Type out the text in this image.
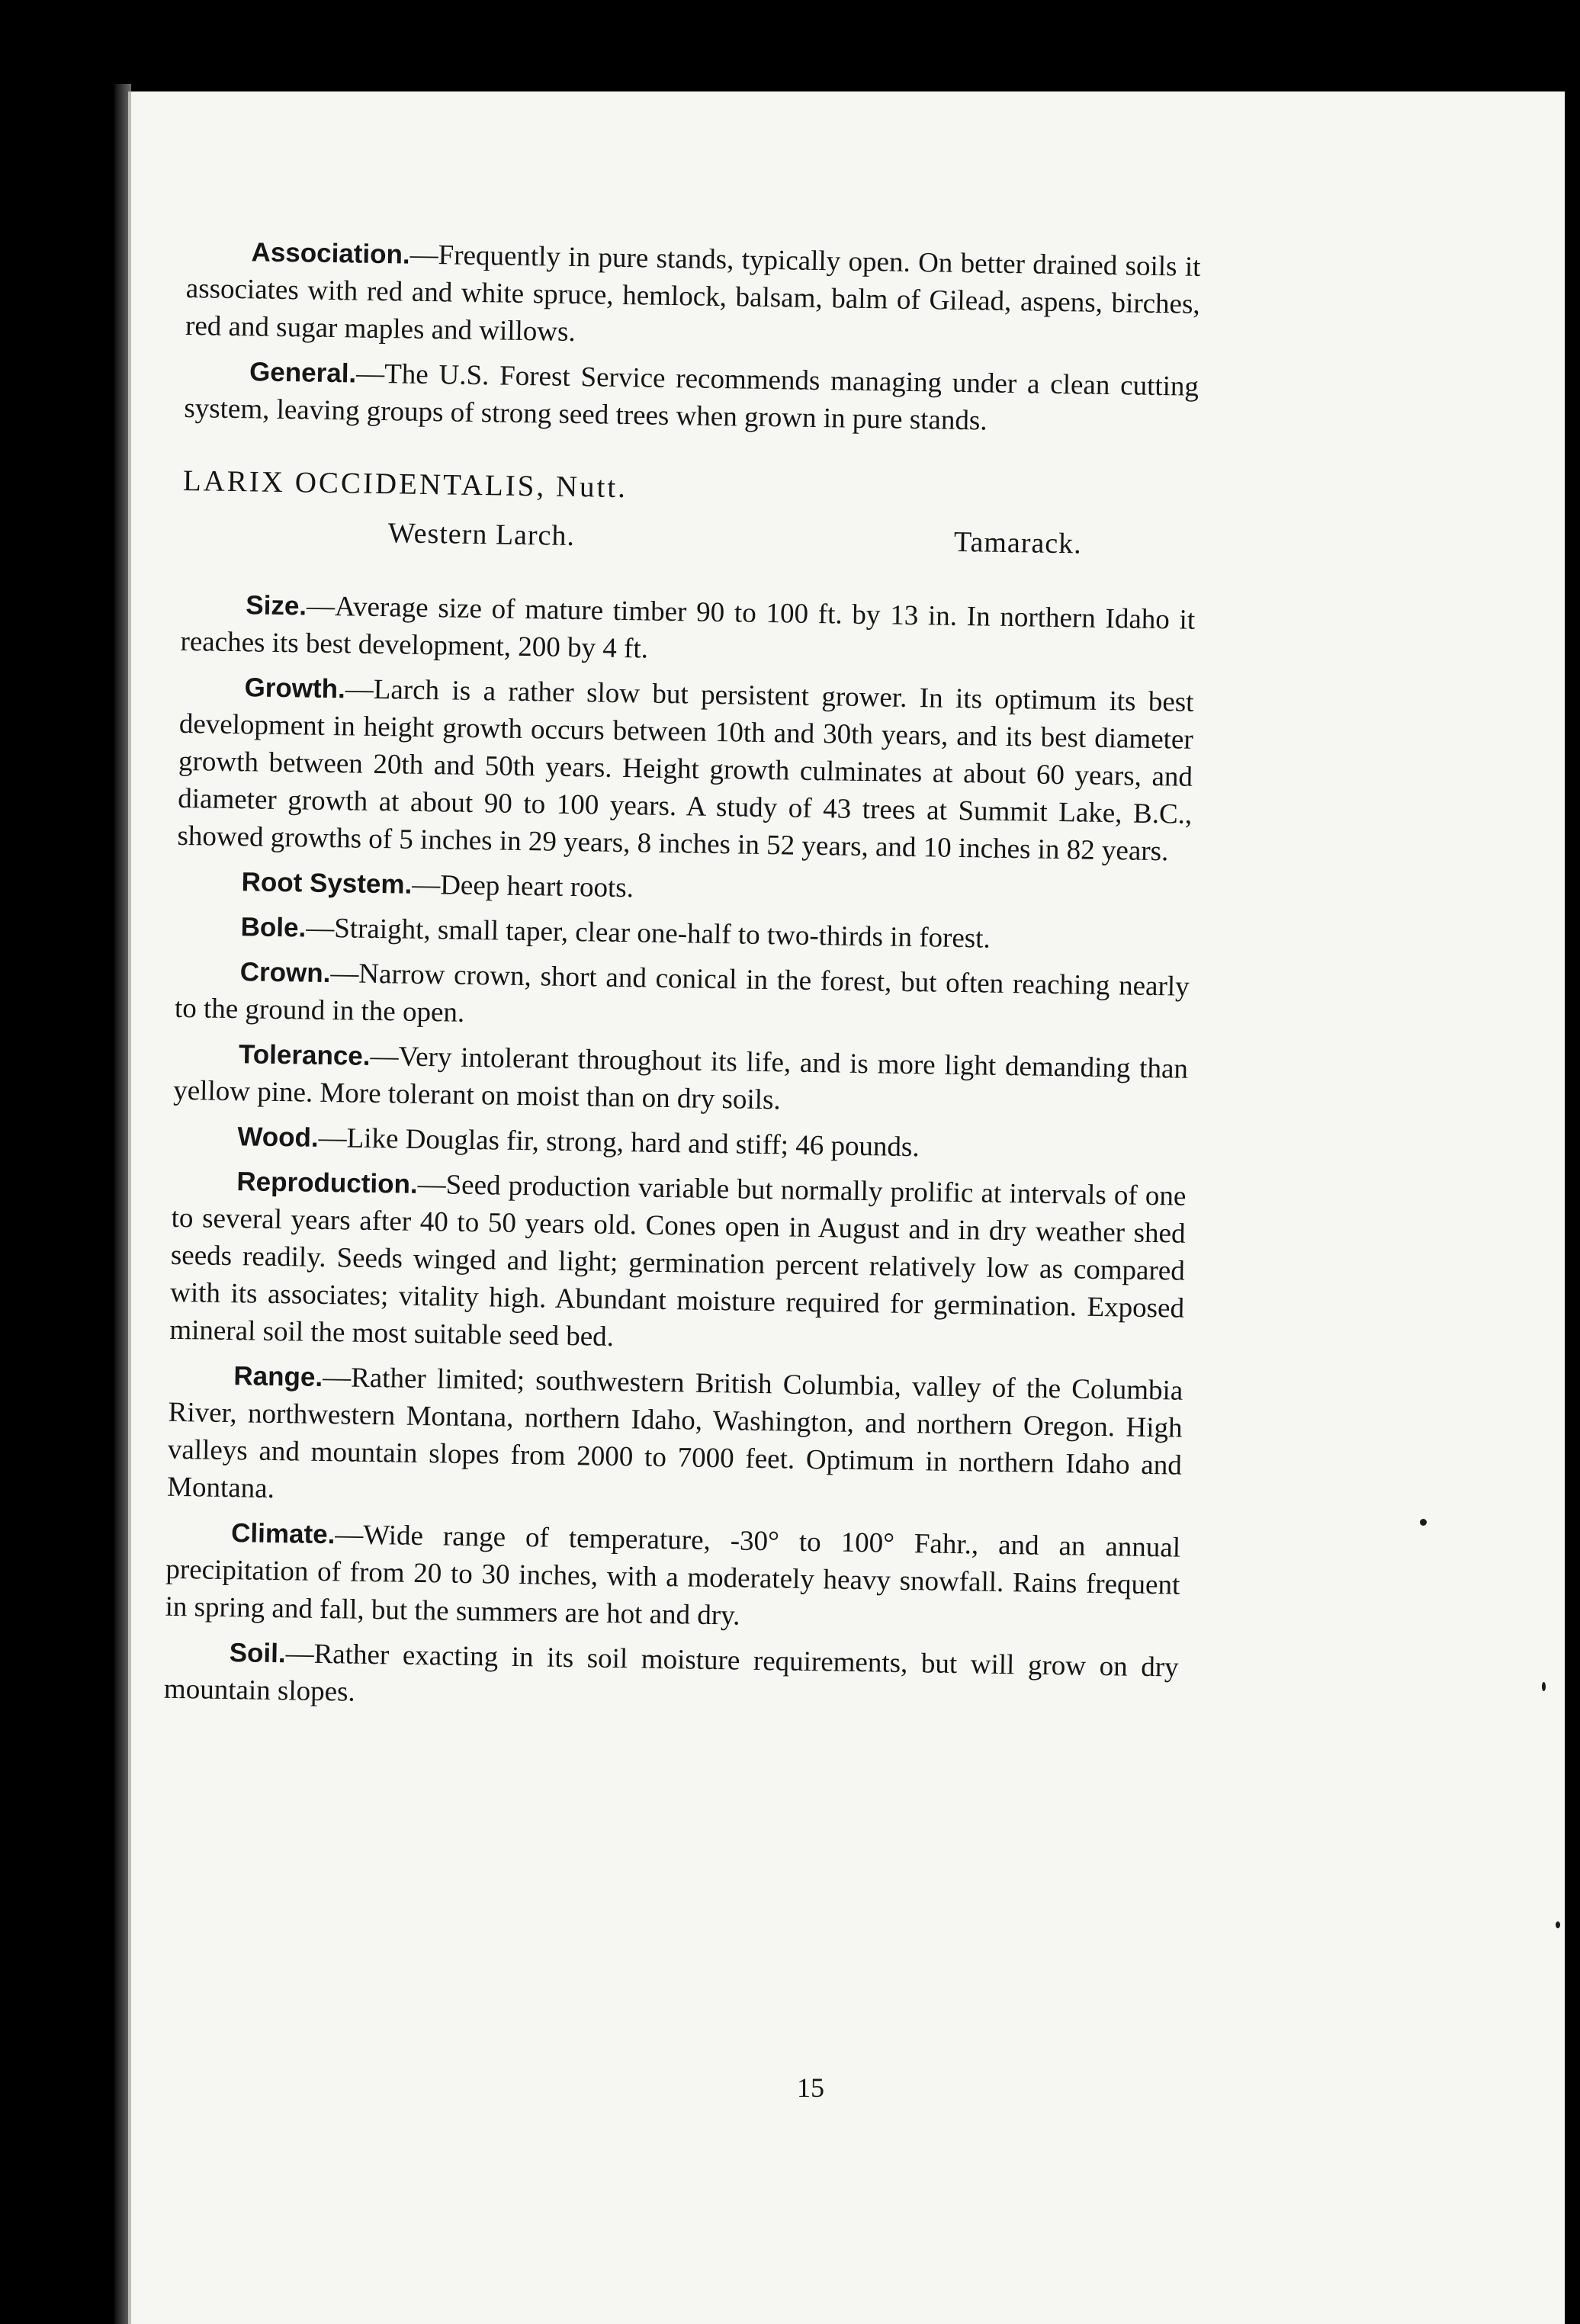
Association.—Frequently in pure stands, typically open. On better drained soils it associates with red and white spruce, hemlock, balsam, balm of Gilead, aspens, birches, red and sugar maples and willows.

General.—The U.S. Forest Service recommends managing under a clean cutting system, leaving groups of strong seed trees when grown in pure stands.

LARIX OCCIDENTALIS, Nutt.

Western Larch.	Tamarack.

Size.—Average size of mature timber 90 to 100 ft. by 13 in. In northern Idaho it reaches its best development, 200 by 4 ft.

Growth.—Larch is a rather slow but persistent grower. In its optimum its best development in height growth occurs between 10th and 30th years, and its best diameter growth between 20th and 50th years. Height growth culminates at about 60 years, and diameter growth at about 90 to 100 years. A study of 43 trees at Summit Lake, B.C., showed growths of 5 inches in 29 years, 8 inches in 52 years, and 10 inches in 82 years.

Root System.—Deep heart roots.

Bole.—Straight, small taper, clear one-half to two-thirds in forest.

Crown.—Narrow crown, short and conical in the forest, but often reaching nearly to the ground in the open.

Tolerance.—Very intolerant throughout its life, and is more light demanding than yellow pine. More tolerant on moist than on dry soils.

Wood.—Like Douglas fir, strong, hard and stiff; 46 pounds.

Reproduction.—Seed production variable but normally prolific at intervals of one to several years after 40 to 50 years old. Cones open in August and in dry weather shed seeds readily. Seeds winged and light; germination percent relatively low as compared with its associates; vitality high. Abundant moisture required for germination. Exposed mineral soil the most suitable seed bed.

Range.—Rather limited; southwestern British Columbia, valley of the Columbia River, northwestern Montana, northern Idaho, Washington, and northern Oregon. High valleys and mountain slopes from 2000 to 7000 feet. Optimum in northern Idaho and Montana.

Climate.—Wide range of temperature, -30° to 100° Fahr., and an annual precipitation of from 20 to 30 inches, with a moderately heavy snowfall. Rains frequent in spring and fall, but the summers are hot and dry.

Soil.—Rather exacting in its soil moisture requirements, but will grow on dry mountain slopes.

15
